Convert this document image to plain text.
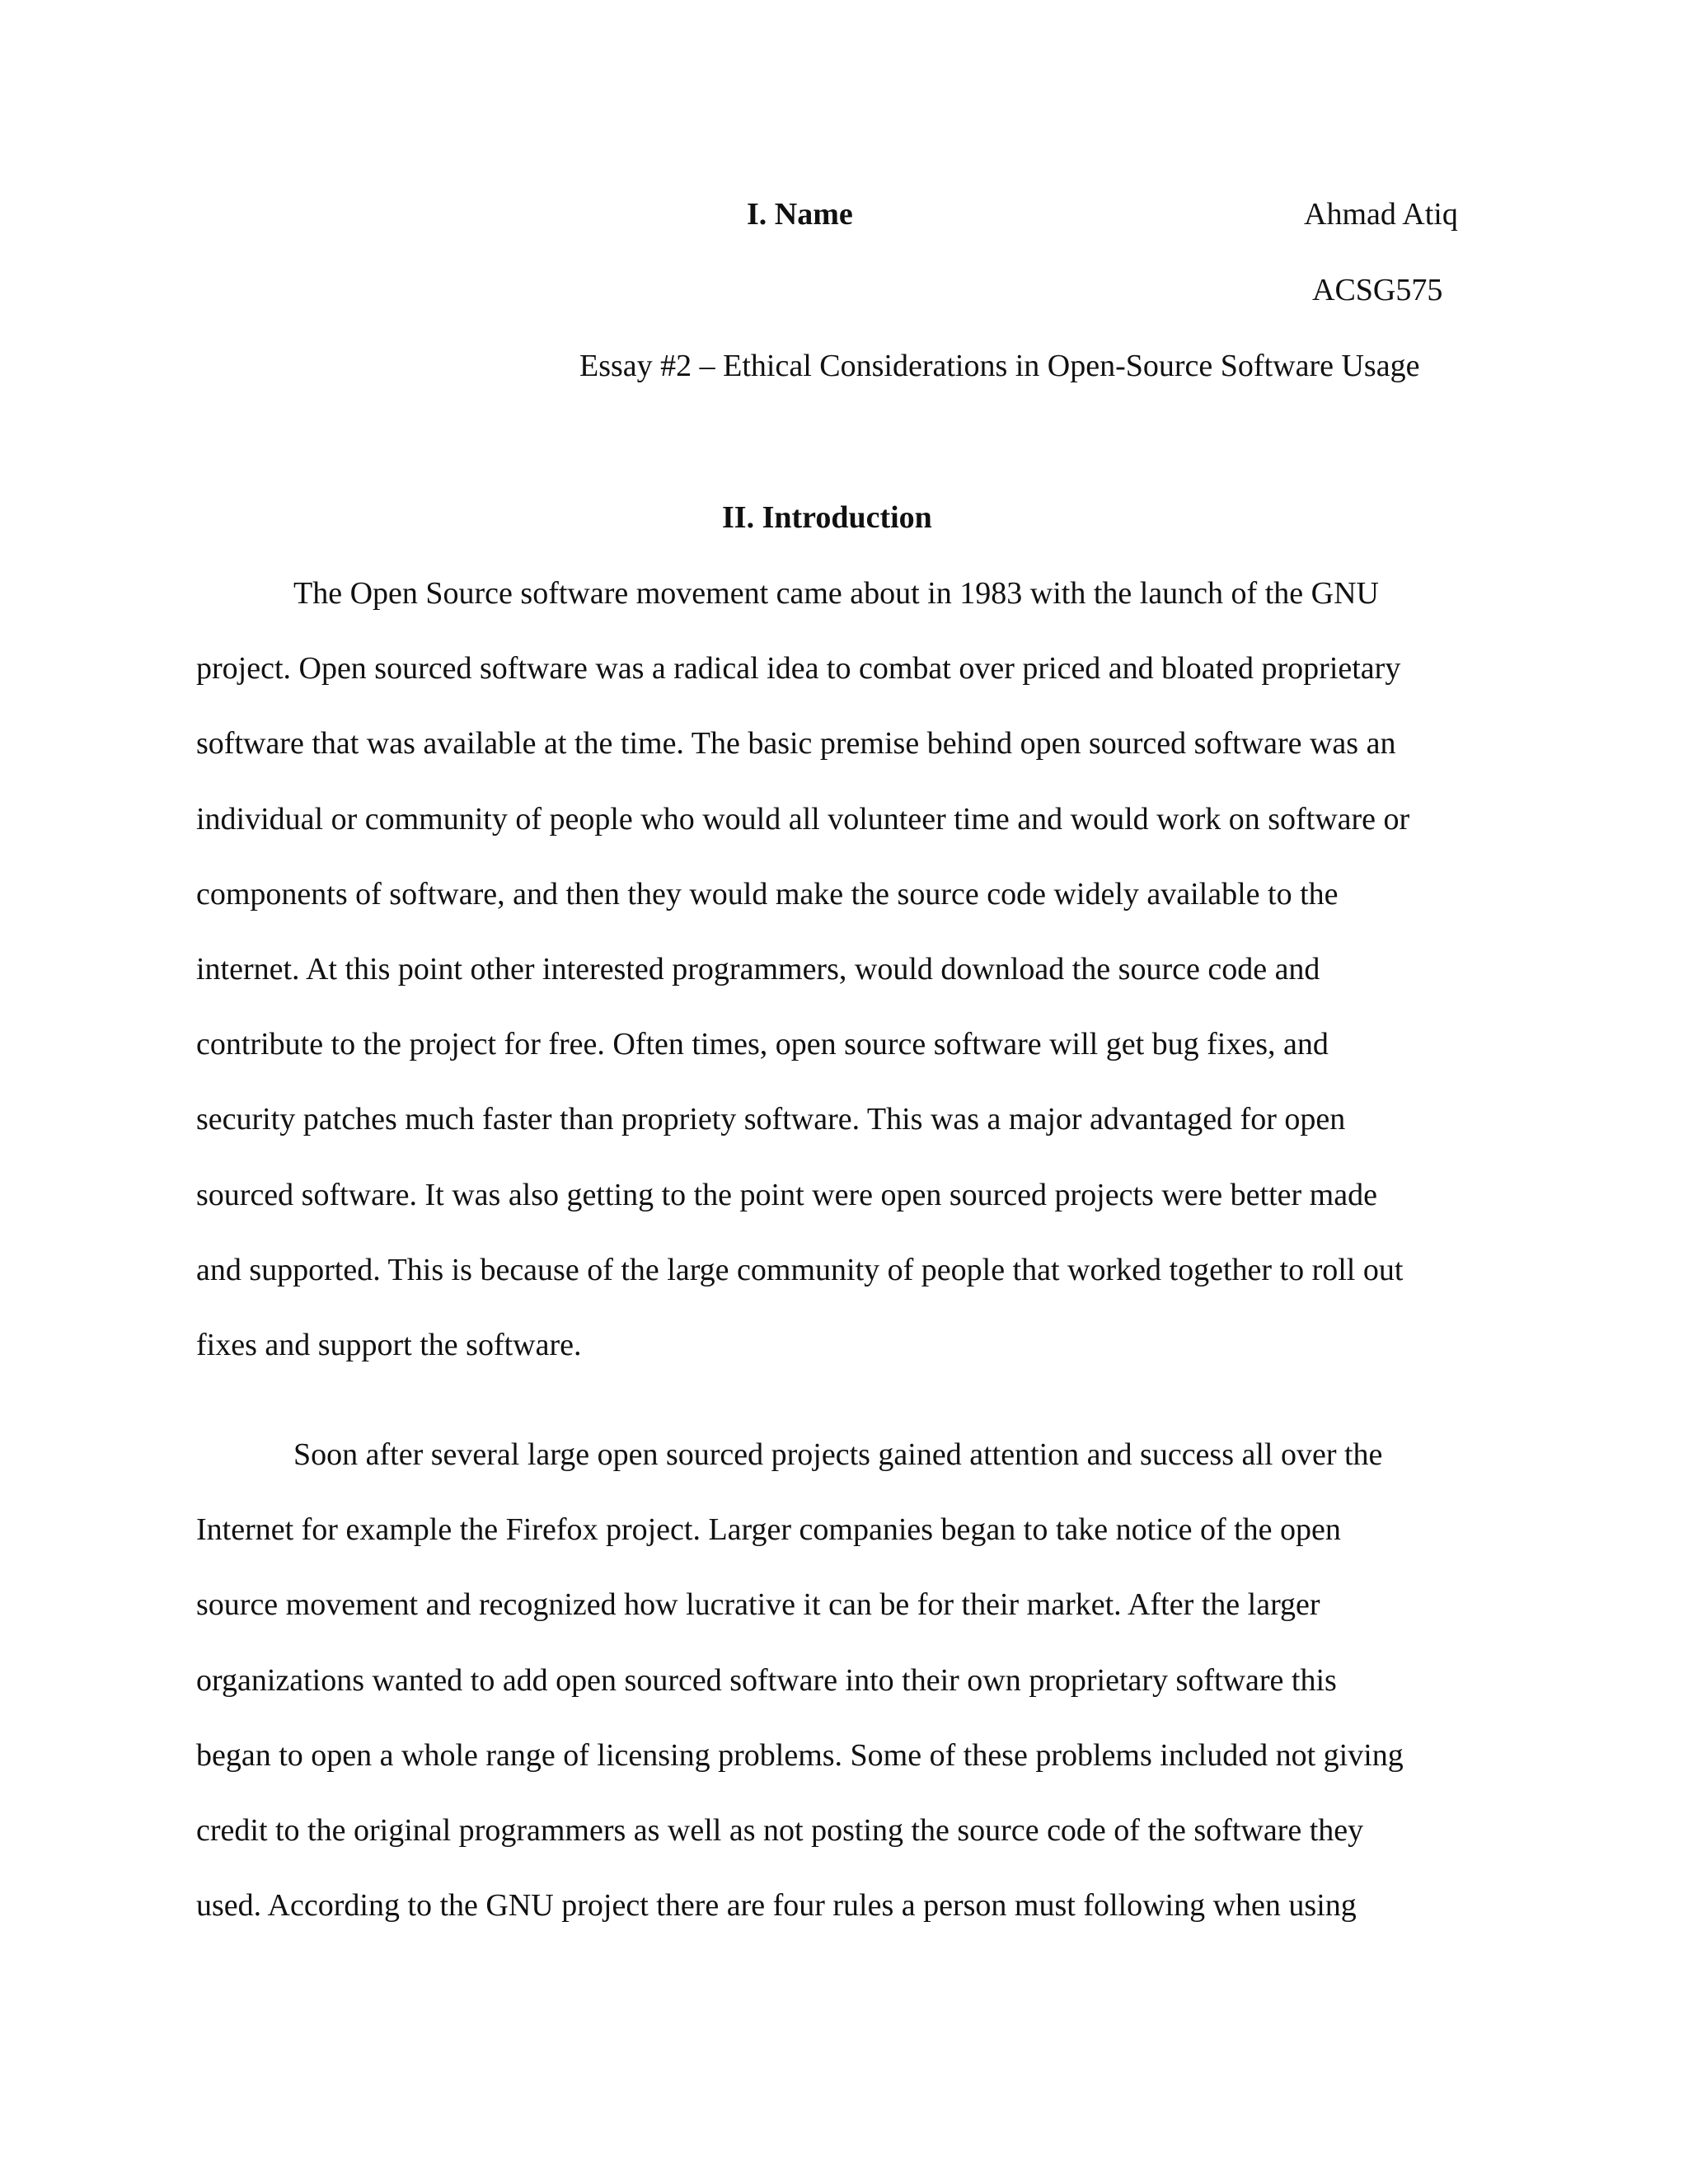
I. Name	Ahmad Atiq
ACSG575
Essay #2 – Ethical Considerations in Open-Source Software Usage
II. Introduction

The Open Source software movement came about in 1983 with the launch of the GNU
project. Open sourced software was a radical idea to combat over priced and bloated proprietary
software that was available at the time. The basic premise behind open sourced software was an
individual or community of people who would all volunteer time and would work on software or
components of software, and then they would make the source code widely available to the
internet. At this point other interested programmers, would download the source code and
contribute to the project for free. Often times, open source software will get bug fixes, and
security patches much faster than propriety software. This was a major advantaged for open
sourced software. It was also getting to the point were open sourced projects were better made
and supported. This is because of the large community of people that worked together to roll out
fixes and support the software.

Soon after several large open sourced projects gained attention and success all over the
Internet for example the Firefox project. Larger companies began to take notice of the open
source movement and recognized how lucrative it can be for their market. After the larger
organizations wanted to add open sourced software into their own proprietary software this
began to open a whole range of licensing problems. Some of these problems included not giving
credit to the original programmers as well as not posting the source code of the software they
used. According to the GNU project there are four rules a person must following when using
